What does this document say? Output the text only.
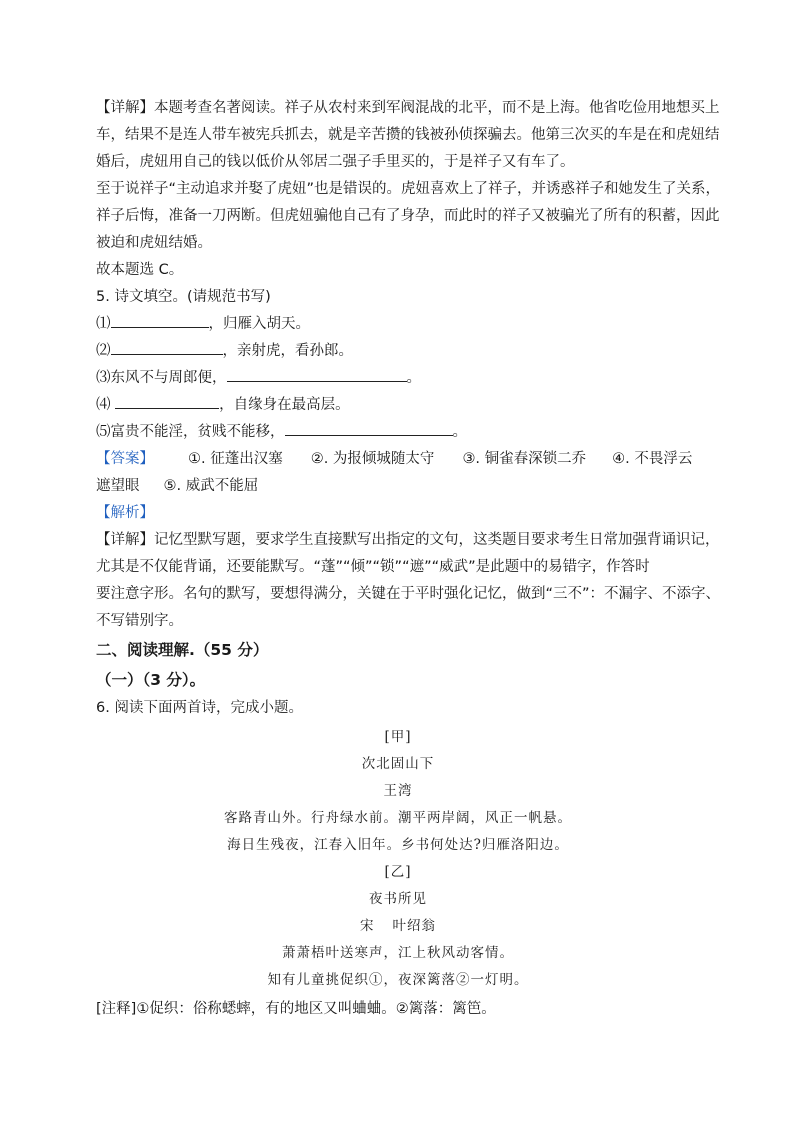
【详解】本题考查名著阅读。祥子从农村来到军阀混战的北平，而不是上海。他省吃俭用地想买上

车，结果不是连人带车被宪兵抓去，就是辛苦攒的钱被孙侦探骗去。他第三次买的车是在和虎妞结

婚后，虎妞用自己的钱以低价从邻居二强子手里买的，于是祥子又有车了。

至于说祥子“主动追求并娶了虎妞”也是错误的。虎妞喜欢上了祥子，并诱惑祥子和她发生了关系，

祥子后悔，准备一刀两断。但虎妞骗他自己有了身孕，而此时的祥子又被骗光了所有的积蓄，因此

被迫和虎妞结婚。

故本题选 C。

5. 诗文填空。(请规范书写)

⑴	，归雁入胡天。

⑵	，亲射虎，看孙郎。

⑶东风不与周郎便，	。

⑷	，自缘身在最高层。

⑸富贵不能淫，贫贱不能移，	。

【答案】 ①. 征蓬出汉塞 ②. 为报倾城随太守 ③. 铜雀春深锁二乔 ④. 不畏浮云

遮望眼 ⑤. 威武不能屈

【解析】

【详解】记忆型默写题，要求学生直接默写出指定的文句，这类题目要求考生日常加强背诵识记，

尤其是不仅能背诵，还要能默写。“蓬”“倾”“锁”“遮”“威武”是此题中的易错字，作答时

要注意字形。名句的默写，要想得满分，关键在于平时强化记忆，做到“三不”：不漏字、不添字、

不写错别字。

二、阅读理解.（55 分）

（一）（3 分）。

6. 阅读下面两首诗，完成小题。

[甲]

次北固山下

王湾

客路青山外。行舟绿水前。潮平两岸阔，风正一帆悬。

海日生残夜，江春入旧年。乡书何处达?归雁洛阳边。

[乙]

夜书所见

宋 叶绍翁

萧萧梧叶送寒声，江上秋风动客情。

知有儿童挑促织①，夜深篱落②一灯明。

[注释]①促织：俗称蟋蟀，有的地区又叫蛐蛐。②篱落：篱笆。
